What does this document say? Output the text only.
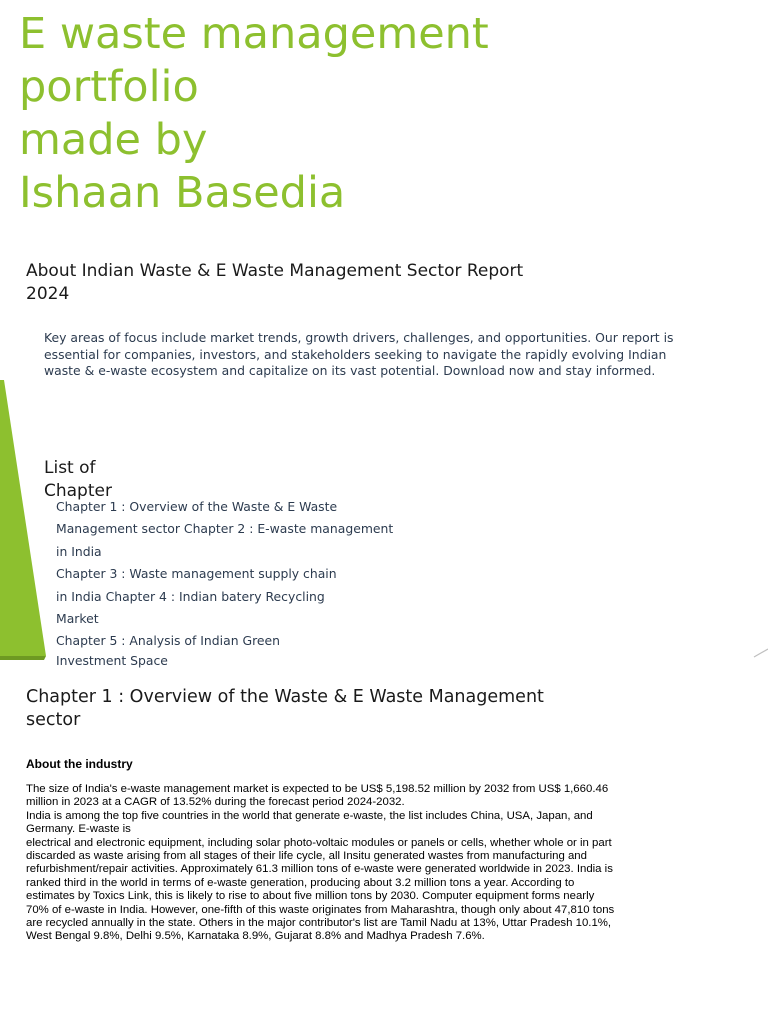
E waste management
portfolio
made by
Ishaan Basedia
About Indian Waste & E Waste Management Sector Report
2024
Key areas of focus include market trends, growth drivers, challenges, and opportunities. Our report is
essential for companies, investors, and stakeholders seeking to navigate the rapidly evolving Indian
waste & e-waste ecosystem and capitalize on its vast potential. Download now and stay informed.
List of
Chapter
Chapter 1 : Overview of the Waste & E Waste
Management sector Chapter 2 : E-waste management
in India
Chapter 3 : Waste management supply chain
in India Chapter 4 : Indian batery Recycling
Market
Chapter 5 : Analysis of Indian Green
Investment Space
Chapter 1 : Overview of the Waste & E Waste Management
sector
About the industry
The size of India's e-waste management market is expected to be US$ 5,198.52 million by 2032 from US$ 1,660.46
million in 2023 at a CAGR of 13.52% during the forecast period 2024-2032.
India is among the top five countries in the world that generate e-waste, the list includes China, USA, Japan, and
Germany. E-waste is
electrical and electronic equipment, including solar photo-voltaic modules or panels or cells, whether whole or in part
discarded as waste arising from all stages of their life cycle, all Insitu generated wastes from manufacturing and
refurbishment/repair activities. Approximately 61.3 million tons of e-waste were generated worldwide in 2023. India is
ranked third in the world in terms of e-waste generation, producing about 3.2 million tons a year. According to
estimates by Toxics Link, this is likely to rise to about five million tons by 2030. Computer equipment forms nearly
70% of e-waste in India. However, one-fifth of this waste originates from Maharashtra, though only about 47,810 tons
are recycled annually in the state. Others in the major contributor's list are Tamil Nadu at 13%, Uttar Pradesh 10.1%,
West Bengal 9.8%, Delhi 9.5%, Karnataka 8.9%, Gujarat 8.8% and Madhya Pradesh 7.6%.
